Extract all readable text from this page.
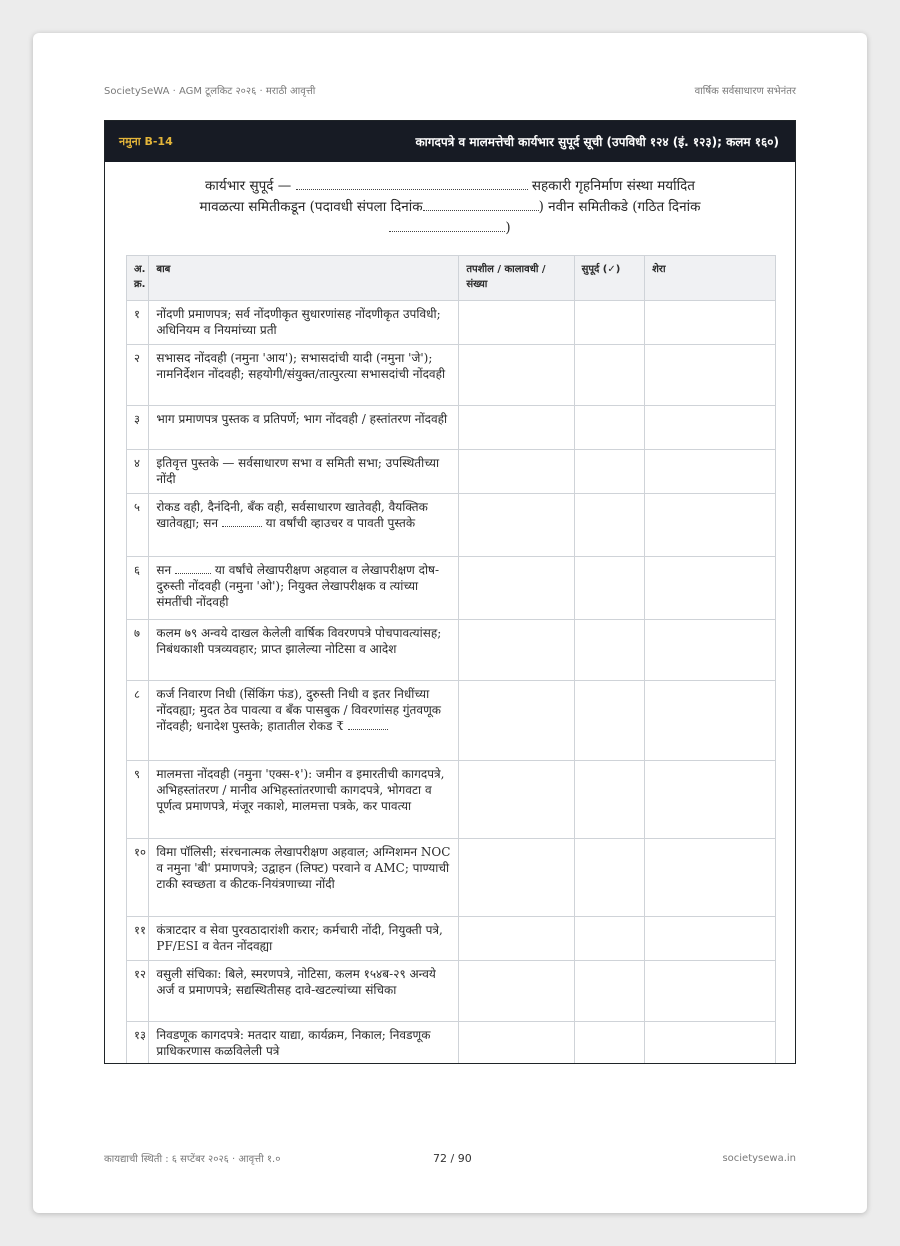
SocietySeWA · AGM टूलकिट २०२६ · मराठी आवृत्ती	वार्षिक सर्वसाधारण सभेनंतर
नमुना B-14	कागदपत्रे व मालमत्तेची कार्यभार सुपूर्द सूची (उपविधी १२४ (इं. १२३); कलम १६०)
कार्यभार सुपूर्द —	सहकारी गृहनिर्माण संस्था मर्यादित
मावळत्या समितीकडून (पदावधी संपला दिनांक	) नवीन समितीकडे (गठित दिनांक
)
अ. क्र.	बाब	तपशील / कालावधी / संख्या	सुपूर्द (✓)	शेरा
१	नोंदणी प्रमाणपत्र; सर्व नोंदणीकृत सुधारणांसह नोंदणीकृत उपविधी; अधिनियम व नियमांच्या प्रती			
२	सभासद नोंदवही (नमुना 'आय'); सभासदांची यादी (नमुना 'जे'); नामनिर्देशन नोंदवही; सहयोगी/संयुक्त/तात्पुरत्या सभासदांची नोंदवही			
३	भाग प्रमाणपत्र पुस्तक व प्रतिपर्णे; भाग नोंदवही / हस्तांतरण नोंदवही			
४	इतिवृत्त पुस्तके — सर्वसाधारण सभा व समिती सभा; उपस्थितीच्या नोंदी			
५	रोकड वही, दैनंदिनी, बँक वही, सर्वसाधारण खातेवही, वैयक्तिक खातेवह्या; सन या वर्षांची व्हाउचर व पावती पुस्तके			
६	सन या वर्षांचे लेखापरीक्षण अहवाल व लेखापरीक्षण दोष-दुरुस्ती नोंदवही (नमुना 'ओ'); नियुक्त लेखापरीक्षक व त्यांच्या संमतींची नोंदवही			
७	कलम ७९ अन्वये दाखल केलेली वार्षिक विवरणपत्रे पोचपावत्यांसह; निबंधकाशी पत्रव्यवहार; प्राप्त झालेल्या नोटिसा व आदेश			
८	कर्ज निवारण निधी (सिंकिंग फंड), दुरुस्ती निधी व इतर निधींच्या नोंदवह्या; मुदत ठेव पावत्या व बँक पासबुक / विवरणांसह गुंतवणूक नोंदवही; धनादेश पुस्तके; हातातील रोकड ₹			
९	मालमत्ता नोंदवही (नमुना 'एक्स-१'): जमीन व इमारतीची कागदपत्रे, अभिहस्तांतरण / मानीव अभिहस्तांतरणाची कागदपत्रे, भोगवटा व पूर्णत्व प्रमाणपत्रे, मंजूर नकाशे, मालमत्ता पत्रके, कर पावत्या			
१०	विमा पॉलिसी; संरचनात्मक लेखापरीक्षण अहवाल; अग्निशमन NOC व नमुना 'बी' प्रमाणपत्रे; उद्वाहन (लिफ्ट) परवाने व AMC; पाण्याची टाकी स्वच्छता व कीटक-नियंत्रणाच्या नोंदी			
११	कंत्राटदार व सेवा पुरवठादारांशी करार; कर्मचारी नोंदी, नियुक्ती पत्रे, PF/ESI व वेतन नोंदवह्या			
१२	वसुली संचिका: बिले, स्मरणपत्रे, नोटिसा, कलम १५४ब-२९ अन्वये अर्ज व प्रमाणपत्रे; सद्यस्थितीसह दावे-खटल्यांच्या संचिका			
१३	निवडणूक कागदपत्रे: मतदार याद्या, कार्यक्रम, निकाल; निवडणूक प्राधिकरणास कळविलेली पत्रे			
कायद्याची स्थिती : ६ सप्टेंबर २०२६ · आवृत्ती १.०	72 / 90	societysewa.in
